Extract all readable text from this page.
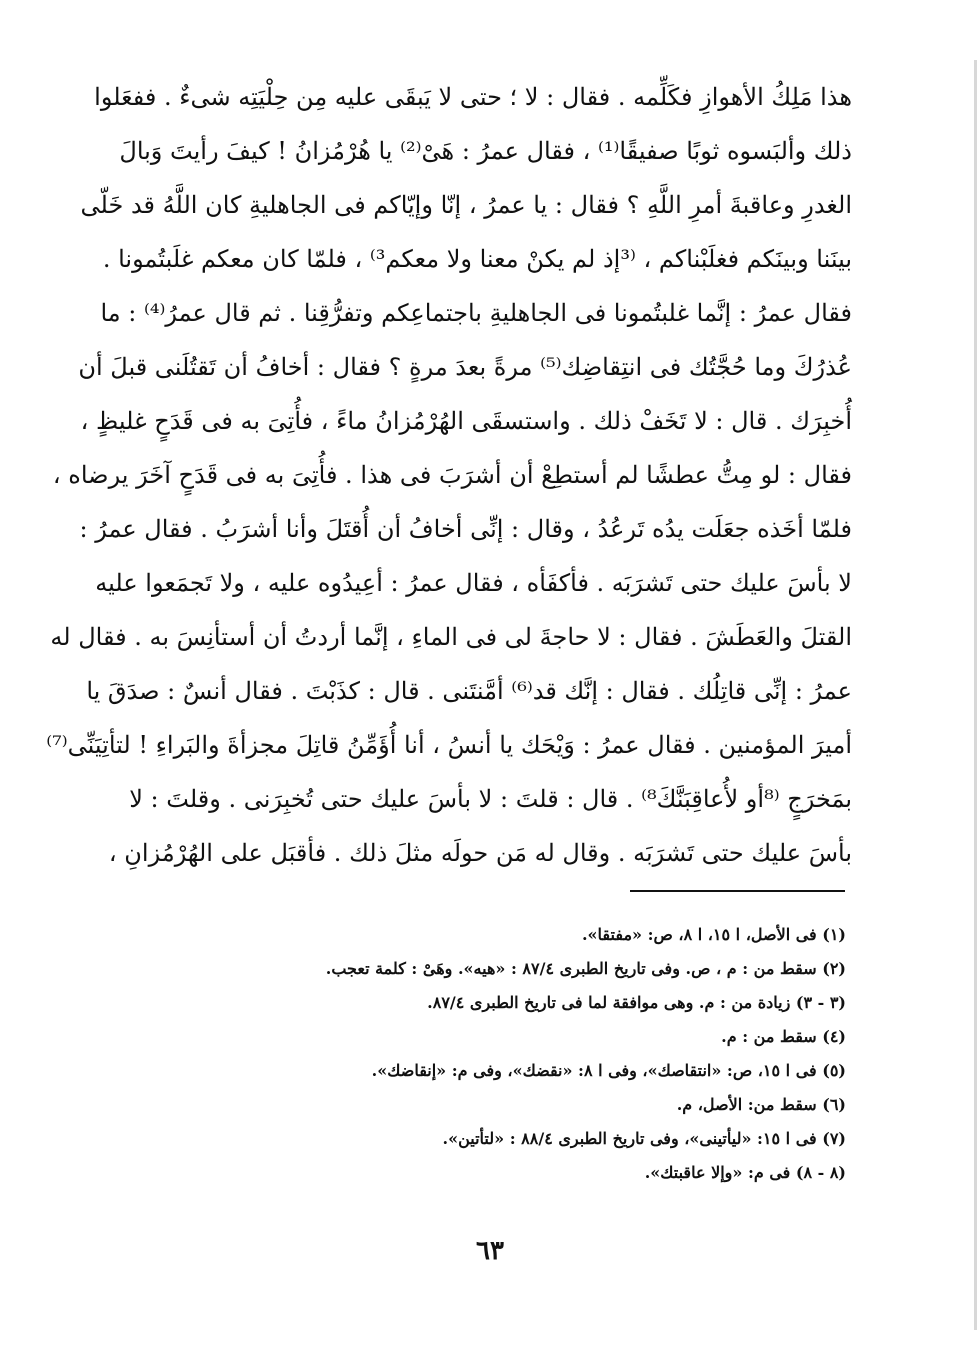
هذا مَلِكُ الأهوازِ فكَلِّمه . فقال : لا ؛ حتى لا يَبقَى عليه مِن حِلْيَتِه شىءٌ . ففعَلوا
ذلك وألبَسوه ثوبًا صفيقًا⁽¹⁾ ، فقال عمرُ : هَىْ⁽²⁾ يا هُرْمُزانُ ! كيفَ رأيتَ وَبالَ
الغدرِ وعاقبةَ أمرِ اللَّهِ ؟ فقال : يا عمرُ ، إنّا وإيّاكم فى الجاهليةِ كان اللَّهُ قد خَلّى
بينَنا وبينَكم فغلَبْناكم ، ⁽³إذ لم يكنْ معنا ولا معكم³⁾ ، فلمّا كان معكم غلَبتُمونا .
فقال عمرُ : إنَّما غلبتُمونا فى الجاهليةِ باجتماعِكم وتفرُّقِنا . ثم قال عمرُ⁽⁴⁾ : ما
عُذرُكَ وما حُجَّتُك فى انتِقاضِك⁽⁵⁾ مرةً بعدَ مرةٍ ؟ فقال : أخافُ أن تَقتُلَنى قبلَ أن
أُخبِرَك . قال : لا تَخَفْ ذلك . واستسقَى الهُرْمُزانُ ماءً ، فأُتِىَ به فى قَدَحٍ غليظٍ ،
فقال : لو مِتُّ عطشًا لم أستطِعْ أن أشرَبَ فى هذا . فأُتِىَ به فى قَدَحٍ آخَرَ يرضاه ،
فلمّا أخَذه جعَلَت يدُه تَرعُدُ ، وقال : إنِّى أخافُ أن أُقتَلَ وأنا أشرَبُ . فقال عمرُ :
لا بأسَ عليك حتى تَشرَبَه . فأكفَأه ، فقال عمرُ : أعِيدُوه عليه ، ولا تَجمَعوا عليه
القتلَ والعَطَشَ . فقال : لا حاجةَ لى فى الماءِ ، إنَّما أردتُ أن أستأنِسَ به . فقال له
عمرُ : إنِّى قاتِلُك . فقال : إنَّك قد⁽⁶⁾ أمَّنتَنى . قال : كذَبْتَ . فقال أنسٌ : صدَقَ يا
أميرَ المؤمنين . فقال عمرُ : وَيْحَك يا أنسُ ، أنا أُؤَمِّنُ قاتِلَ مجزأةَ والبَراءِ ! لتأتِيَنِّى⁽⁷⁾
بمَخرَجٍ ⁽⁸أو لأُعاقِبَنَّكَ⁸⁾ . قال : قلتَ : لا بأسَ عليك حتى تُخبِرَنى . وقلتَ : لا
بأسَ عليك حتى تَشرَبَه . وقال له مَن حولَه مثلَ ذلك . فأقبَل على الهُرْمُزانِ ،
(١) فى الأصل، ا ١٥، ا ٨، ص: «مفتقا».
(٢) سقط من : م ، ص. وفى تاريخ الطبرى ٨٧/٤ : «هيه». وهَىْ : كلمة تعجب.
(٣ - ٣) زيادة من : م. وهى موافقة لما فى تاريخ الطبرى ٨٧/٤.
(٤) سقط من : م.
(٥) فى ا ١٥، ص: «انتقاصك»، وفى ا ٨: «نقضك»، وفى م: «إنقاضك».
(٦) سقط من: الأصل، م.
(٧) فى ا ١٥: «ليأتينى»، وفى تاريخ الطبرى ٨٨/٤ : «لتأتين».
(٨ - ٨) فى م: «وإلا عاقبتك».
٦٣
